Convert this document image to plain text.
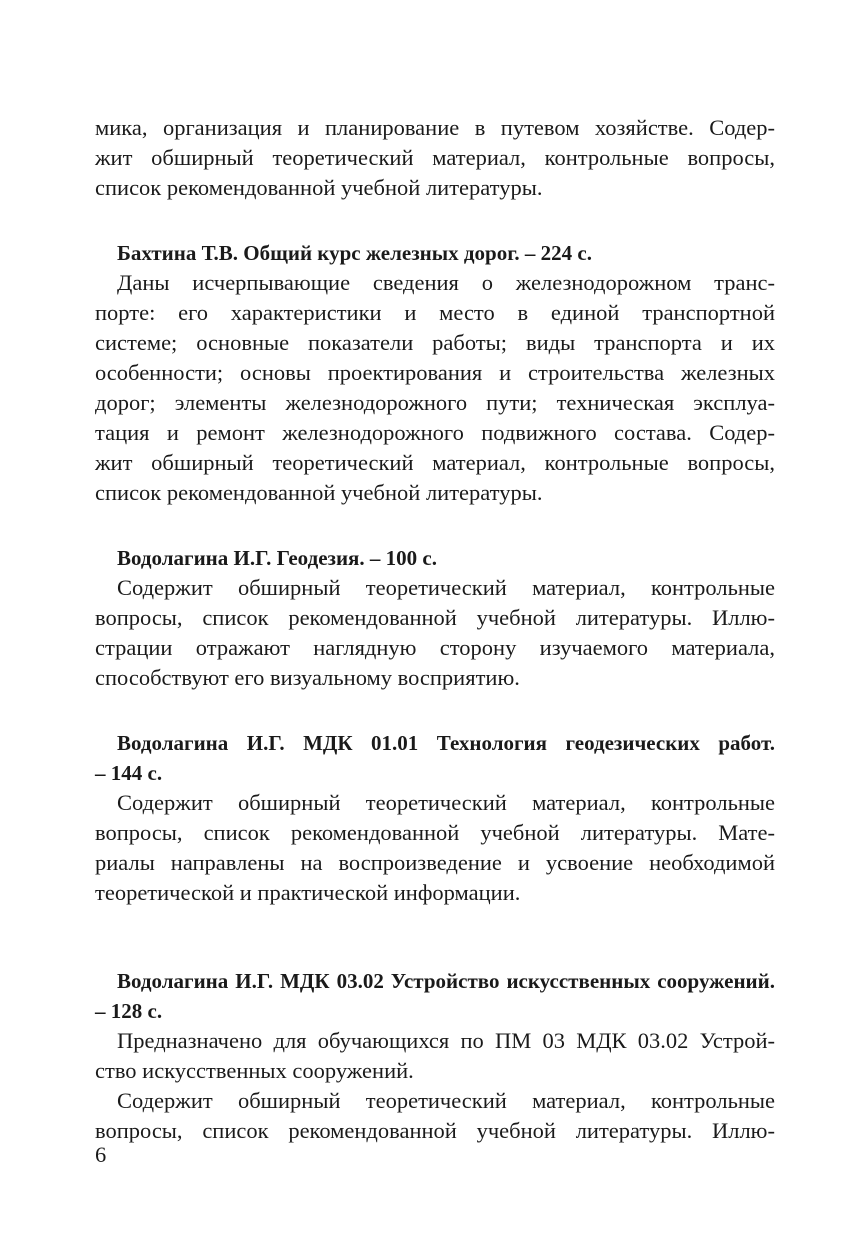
мика, организация и планирование в путевом хозяйстве. Содер-
жит обширный теоретический материал, контрольные вопросы,
список рекомендованной учебной литературы.
Бахтина Т.В. Общий курс железных дорог. – 224 с.
Даны исчерпывающие сведения о железнодорожном транс-
порте: его характеристики и место в единой транспортной
системе; основные показатели работы; виды транспорта и их
особенности; основы проектирования и строительства железных
дорог; элементы железнодорожного пути; техническая эксплуа-
тация и ремонт железнодорожного подвижного состава. Содер-
жит обширный теоретический материал, контрольные вопросы,
список рекомендованной учебной литературы.
Водолагина И.Г. Геодезия. – 100 с.
Содержит обширный теоретический материал, контрольные
вопросы, список рекомендованной учебной литературы. Иллю-
страции отражают наглядную сторону изучаемого материала,
способствуют его визуальному восприятию.
Водолагина И.Г. МДК 01.01 Технология геодезических работ.
– 144 с.
Содержит обширный теоретический материал, контрольные
вопросы, список рекомендованной учебной литературы. Мате-
риалы направлены на воспроизведение и усвоение необходимой
теоретической и практической информации.
Водолагина И.Г. МДК 03.02 Устройство искусственных сооружений.
– 128 с.
Предназначено для обучающихся по ПМ 03 МДК 03.02 Устрой-
ство искусственных сооружений.
Содержит обширный теоретический материал, контрольные
вопросы, список рекомендованной учебной литературы. Иллю-
6
